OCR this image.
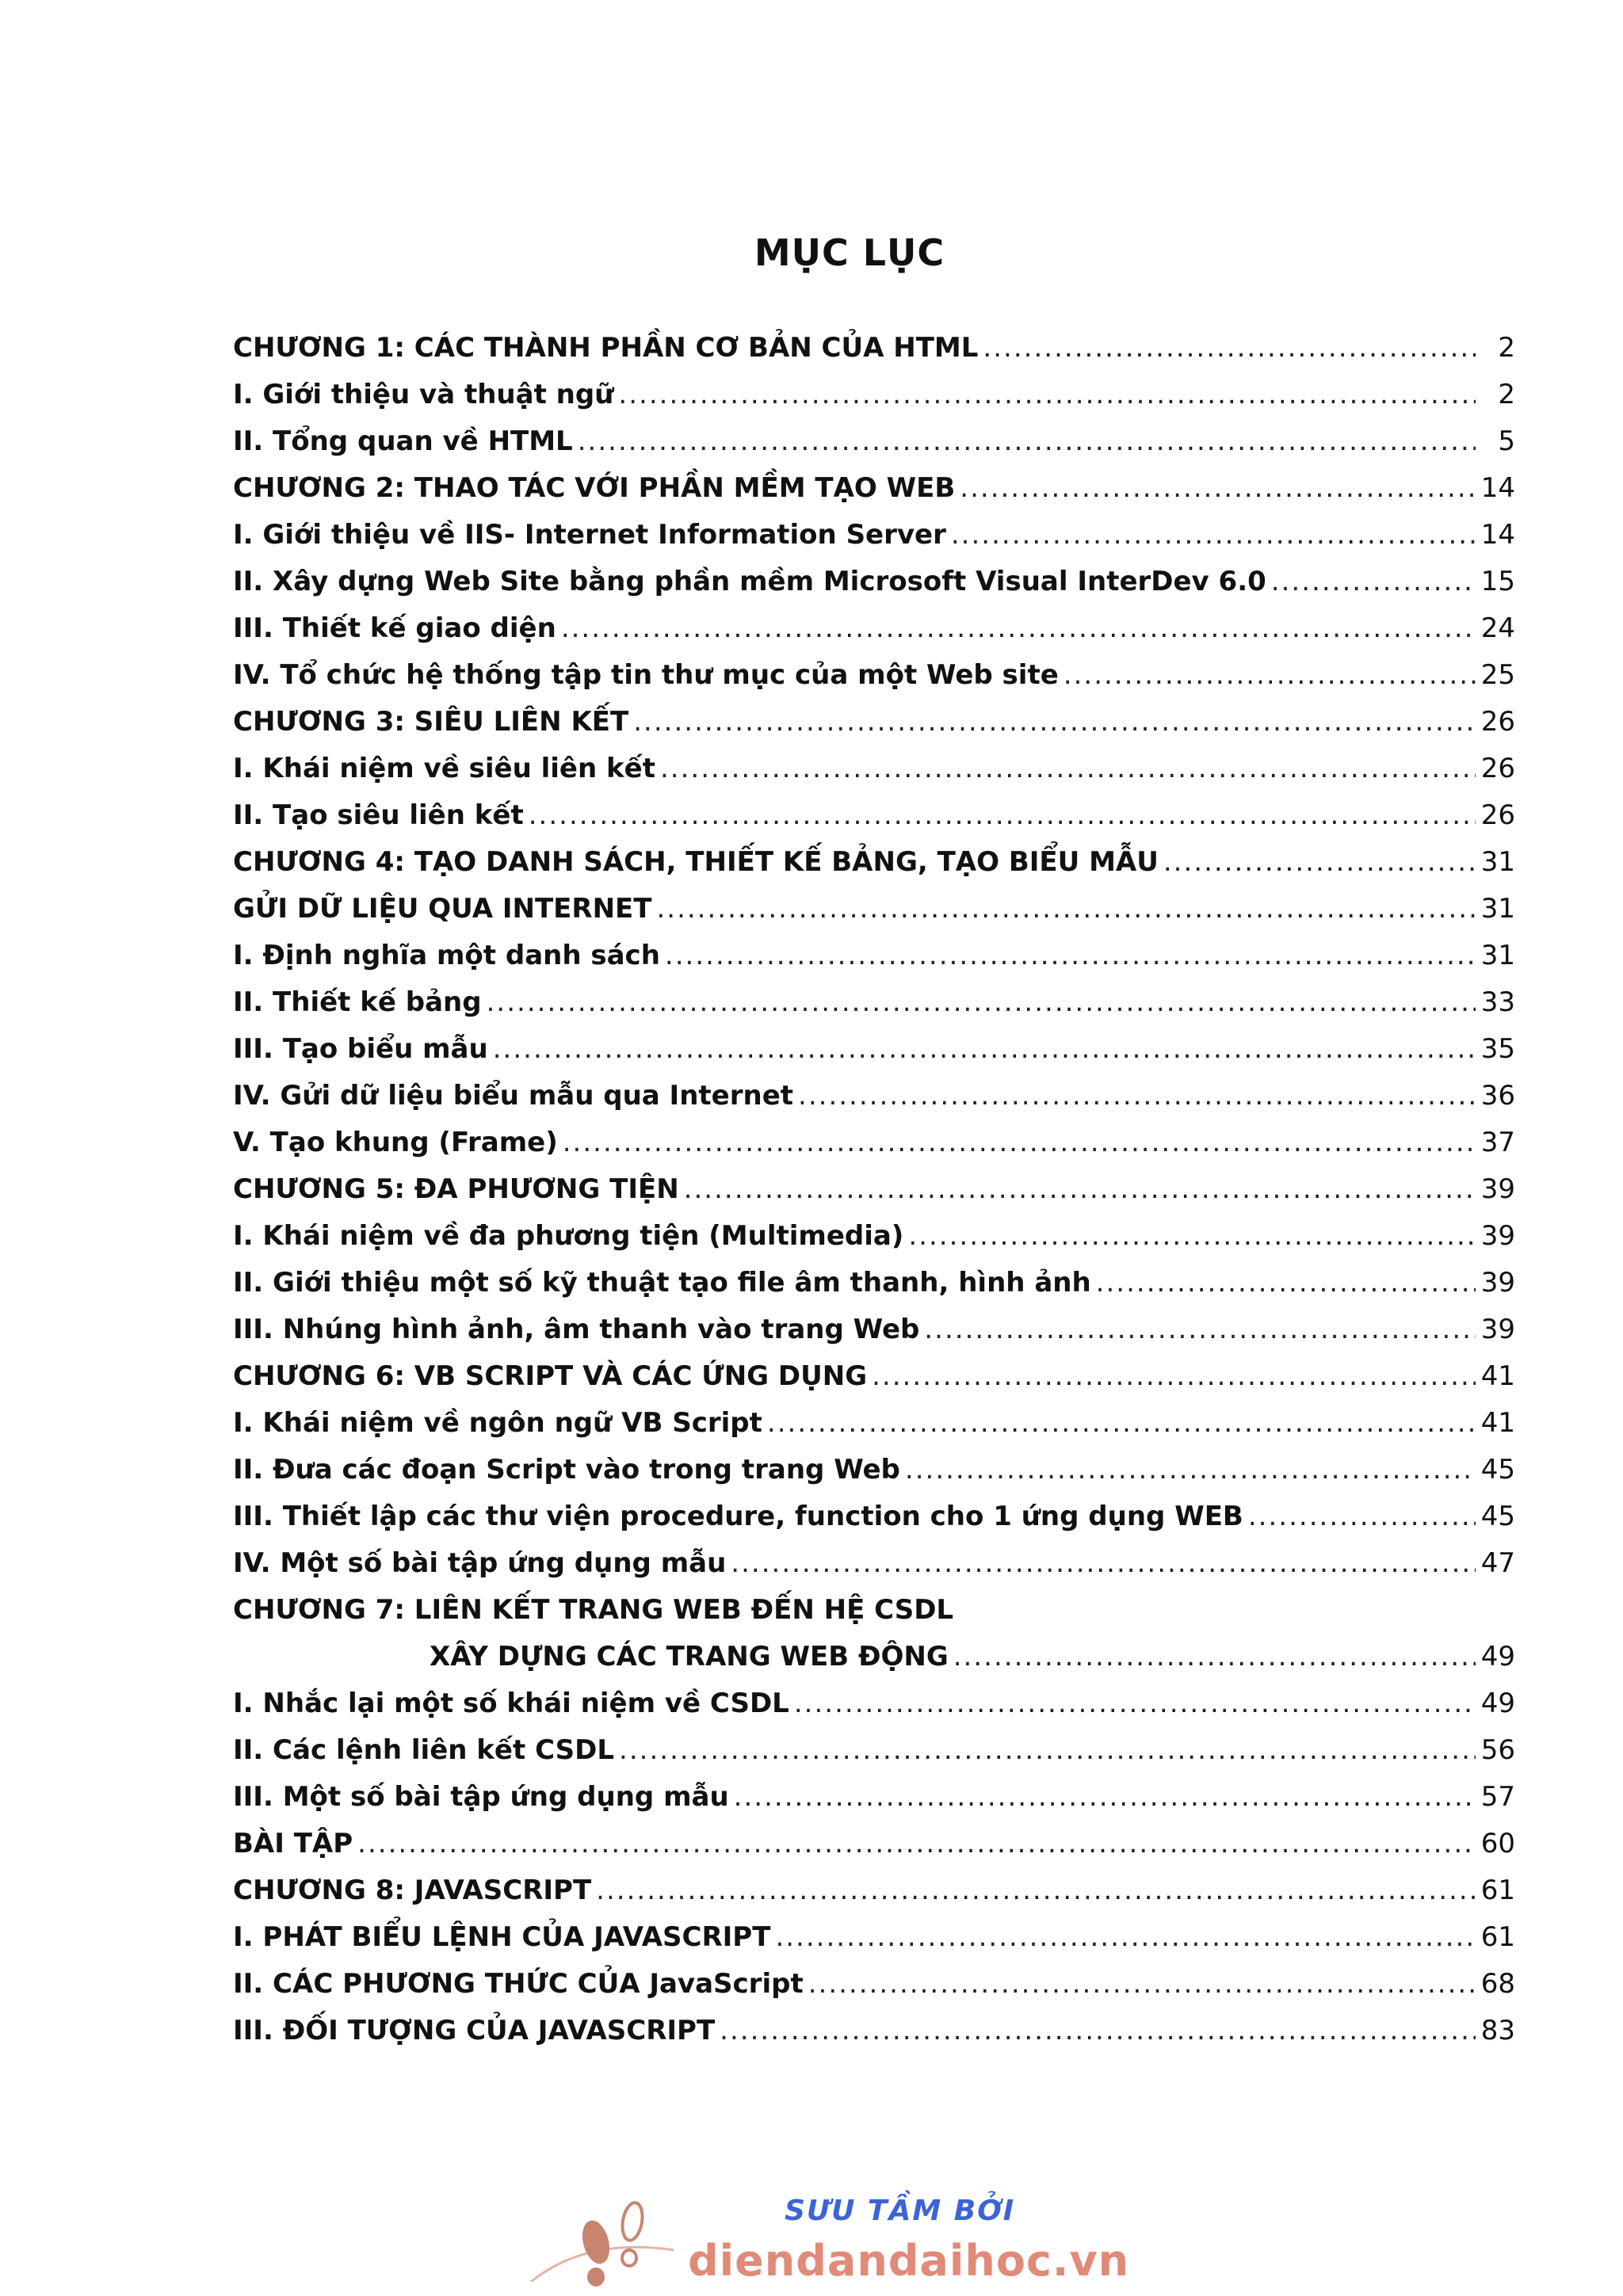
MỤC LỤC
CHƯƠNG 1: CÁC THÀNH PHẦN CƠ BẢN CỦA HTML .....	2
I. Giới thiệu và thuật ngữ .....	2
II. Tổng quan về HTML .....	5
CHƯƠNG 2: THAO TÁC VỚI PHẦN MỀM TẠO WEB .....	14
I. Giới thiệu về IIS- Internet Information Server .....	14
II. Xây dựng Web Site bằng phần mềm Microsoft Visual InterDev 6.0 .....	15
III. Thiết kế giao diện .....	24
IV. Tổ chức hệ thống tập tin thư mục của một Web site .....	25
CHƯƠNG 3: SIÊU LIÊN KẾT .....	26
I. Khái niệm về siêu liên kết .....	26
II. Tạo siêu liên kết .....	26
CHƯƠNG 4: TẠO DANH SÁCH, THIẾT KẾ BẢNG, TẠO BIỂU MẪU .....	31
GỬI DỮ LIỆU QUA INTERNET .....	31
I. Định nghĩa một danh sách .....	31
II. Thiết kế bảng .....	33
III. Tạo biểu mẫu .....	35
IV. Gửi dữ liệu biểu mẫu qua Internet .....	36
V. Tạo khung (Frame) .....	37
CHƯƠNG 5: ĐA PHƯƠNG TIỆN .....	39
I. Khái niệm về đa phương tiện (Multimedia) .....	39
II. Giới thiệu một số kỹ thuật tạo file âm thanh, hình ảnh .....	39
III. Nhúng hình ảnh, âm thanh vào trang Web .....	39
CHƯƠNG 6: VB SCRIPT VÀ CÁC ỨNG DỤNG .....	41
I. Khái niệm về ngôn ngữ VB Script .....	41
II. Đưa các đoạn Script vào trong trang Web .....	45
III. Thiết lập các thư viện procedure, function cho 1 ứng dụng WEB .....	45
IV. Một số bài tập ứng dụng mẫu .....	47
CHƯƠNG 7: LIÊN KẾT TRANG WEB ĐẾN HỆ CSDL
XÂY DỰNG CÁC TRANG WEB ĐỘNG .....	49
I. Nhắc lại một số khái niệm về CSDL .....	49
II. Các lệnh liên kết CSDL .....	56
III. Một số bài tập ứng dụng mẫu .....	57
BÀI TẬP .....	60
CHƯƠNG 8: JAVASCRIPT .....	61
I. PHÁT BIỂU LỆNH CỦA JAVASCRIPT .....	61
II. CÁC PHƯƠNG THỨC CỦA JavaScript .....	68
III. ĐỐI TƯỢNG CỦA JAVASCRIPT .....	83
SƯU TẦM BỞI
diendandaihoc.vn
